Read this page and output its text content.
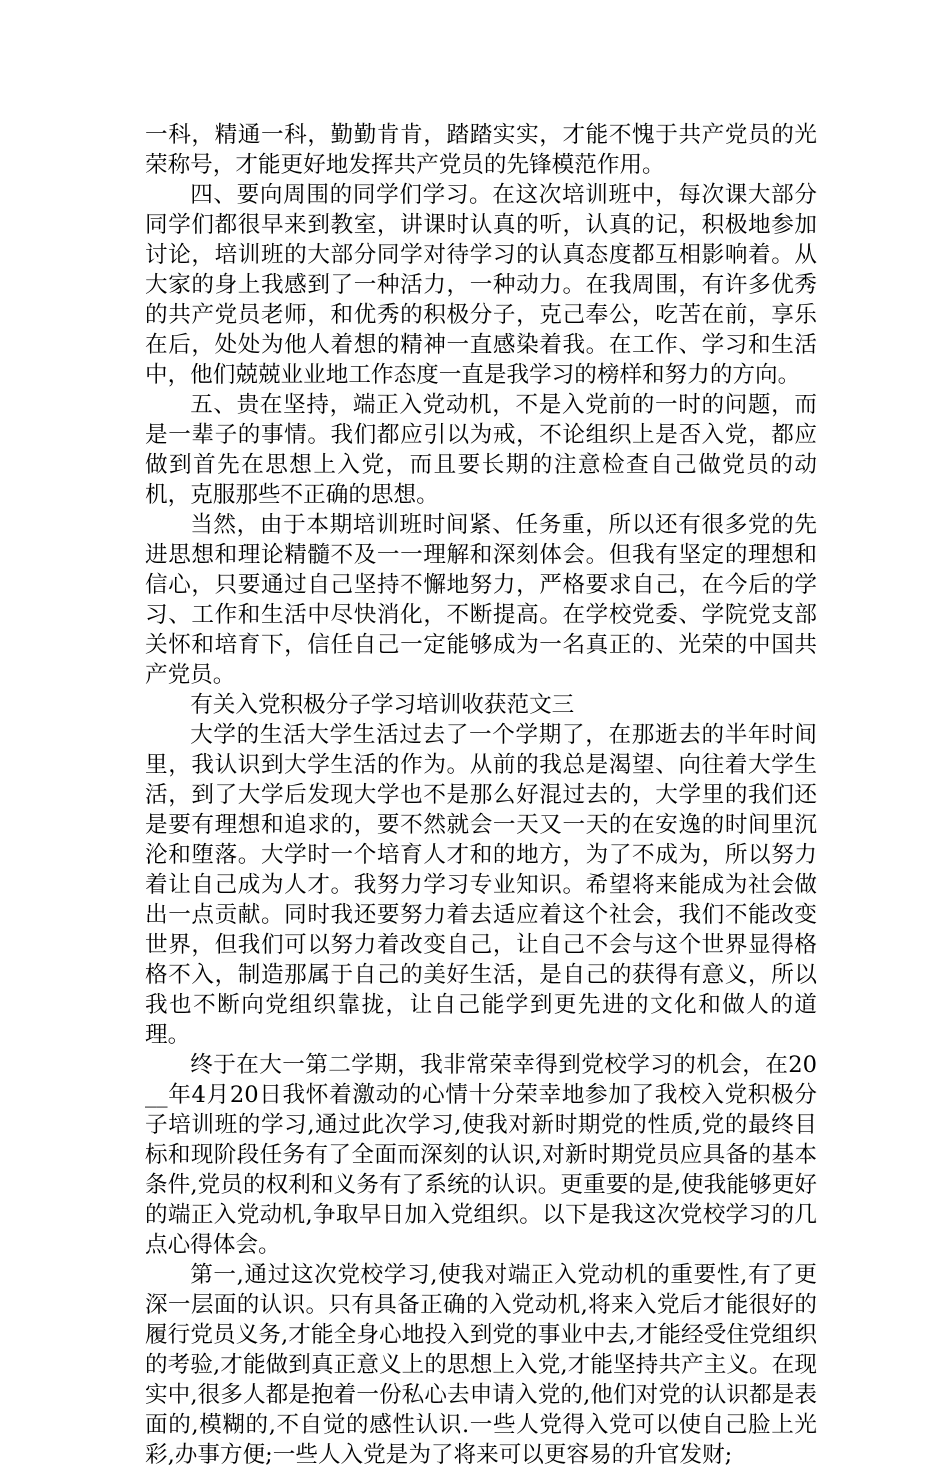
一科，精通一科，勤勤肯肯，踏踏实实，才能不愧于共产党员的光荣称号，才能更好地发挥共产党员的先锋模范作用。

四、要向周围的同学们学习。在这次培训班中，每次课大部分同学们都很早来到教室，讲课时认真的听，认真的记，积极地参加讨论，培训班的大部分同学对待学习的认真态度都互相影响着。从大家的身上我感到了一种活力，一种动力。在我周围，有许多优秀的共产党员老师，和优秀的积极分子，克己奉公，吃苦在前，享乐在后，处处为他人着想的精神一直感染着我。在工作、学习和生活中，他们兢兢业业地工作态度一直是我学习的榜样和努力的方向。

五、贵在坚持，端正入党动机，不是入党前的一时的问题，而是一辈子的事情。我们都应引以为戒，不论组织上是否入党，都应做到首先在思想上入党，而且要长期的注意检查自己做党员的动机，克服那些不正确的思想。

当然，由于本期培训班时间紧、任务重，所以还有很多党的先进思想和理论精髓不及一一理解和深刻体会。但我有坚定的理想和信心，只要通过自己坚持不懈地努力，严格要求自己，在今后的学习、工作和生活中尽快消化，不断提高。在学校党委、学院党支部关怀和培育下，信任自己一定能够成为一名真正的、光荣的中国共产党员。

有关入党积极分子学习培训收获范文三

大学的生活大学生活过去了一个学期了，在那逝去的半年时间里，我认识到大学生活的作为。从前的我总是渴望、向往着大学生活，到了大学后发现大学也不是那么好混过去的，大学里的我们还是要有理想和追求的，要不然就会一天又一天的在安逸的时间里沉沦和堕落。大学时一个培育人才和的地方，为了不成为，所以努力着让自己成为人才。我努力学习专业知识。希望将来能成为社会做出一点贡献。同时我还要努力着去适应着这个社会，我们不能改变世界，但我们可以努力着改变自己，让自己不会与这个世界显得格格不入，制造那属于自己的美好生活，是自己的获得有意义，所以我也不断向党组织靠拢，让自己能学到更先进的文化和做人的道理。

终于在大一第二学期，我非常荣幸得到党校学习的机会，在20__年4月20日我怀着激动的心情十分荣幸地参加了我校入党积极分子培训班的学习,通过此次学习,使我对新时期党的性质,党的最终目标和现阶段任务有了全面而深刻的认识,对新时期党员应具备的基本条件,党员的权利和义务有了系统的认识。更重要的是,使我能够更好的端正入党动机,争取早日加入党组织。以下是我这次党校学习的几点心得体会。

第一,通过这次党校学习,使我对端正入党动机的重要性,有了更深一层面的认识。只有具备正确的入党动机,将来入党后才能很好的履行党员义务,才能全身心地投入到党的事业中去,才能经受住党组织的考验,才能做到真正意义上的思想上入党,才能坚持共产主义。在现实中,很多人都是抱着一份私心去申请入党的,他们对党的认识都是表面的,模糊的,不自觉的感性认识.一些人党得入党可以使自己脸上光彩,办事方便;一些人入党是为了将来可以更容易的升官发财;
